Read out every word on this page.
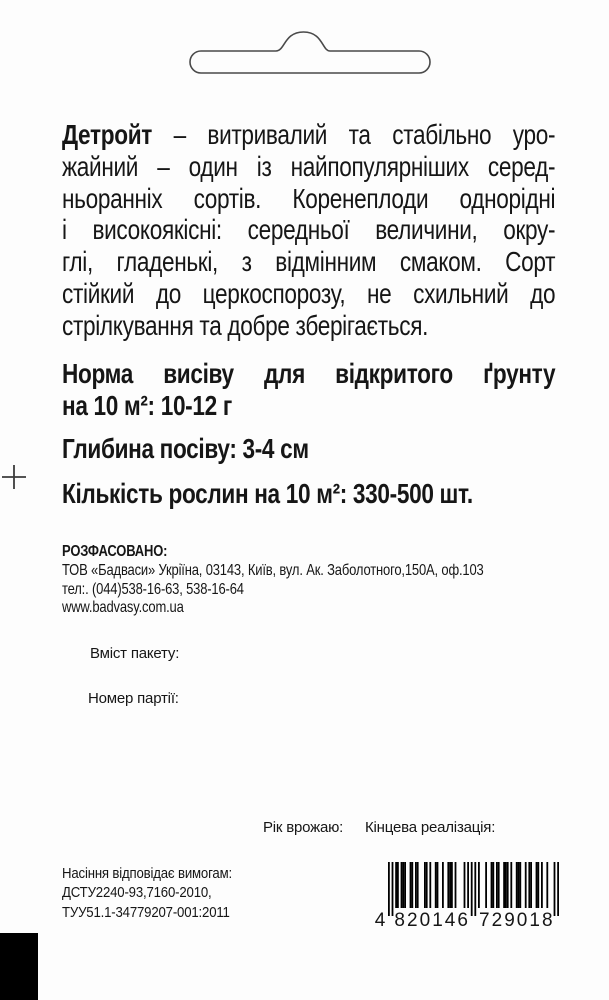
Детройт – витривалий та стабільно уро-
жайний – один із найпопулярніших серед-
ньоранніх сортів. Коренеплоди однорідні
і високоякісні: середньої величини, окру-
глі, гладенькі, з відмінним смаком. Сорт
стійкий до церкоспорозу, не схильний до
стрілкування та добре зберігається.
Норма висіву для відкритого ґрунту
на 10 м²: 10-12 г
Глибина посіву: 3-4 см
Кількість рослин на 10 м²: 330-500 шт.
РОЗФАСОВАНО:
ТОВ «Бадваси» Укріїна, 03143, Київ, вул. Ак. Заболотного,150А, оф.103
тел:. (044)538-16-63, 538-16-64
www.badvasy.com.ua
Вміст пакету:
Номер партії:
Рік врожаю: Кінцева реалізація:
Насіння відповідає вимогам:
ДСТУ2240-93,7160-2010,
ТУУ51.1-34779207-001:2011	4 8 2 0 1 4 6 7 2 9 0 1 8
